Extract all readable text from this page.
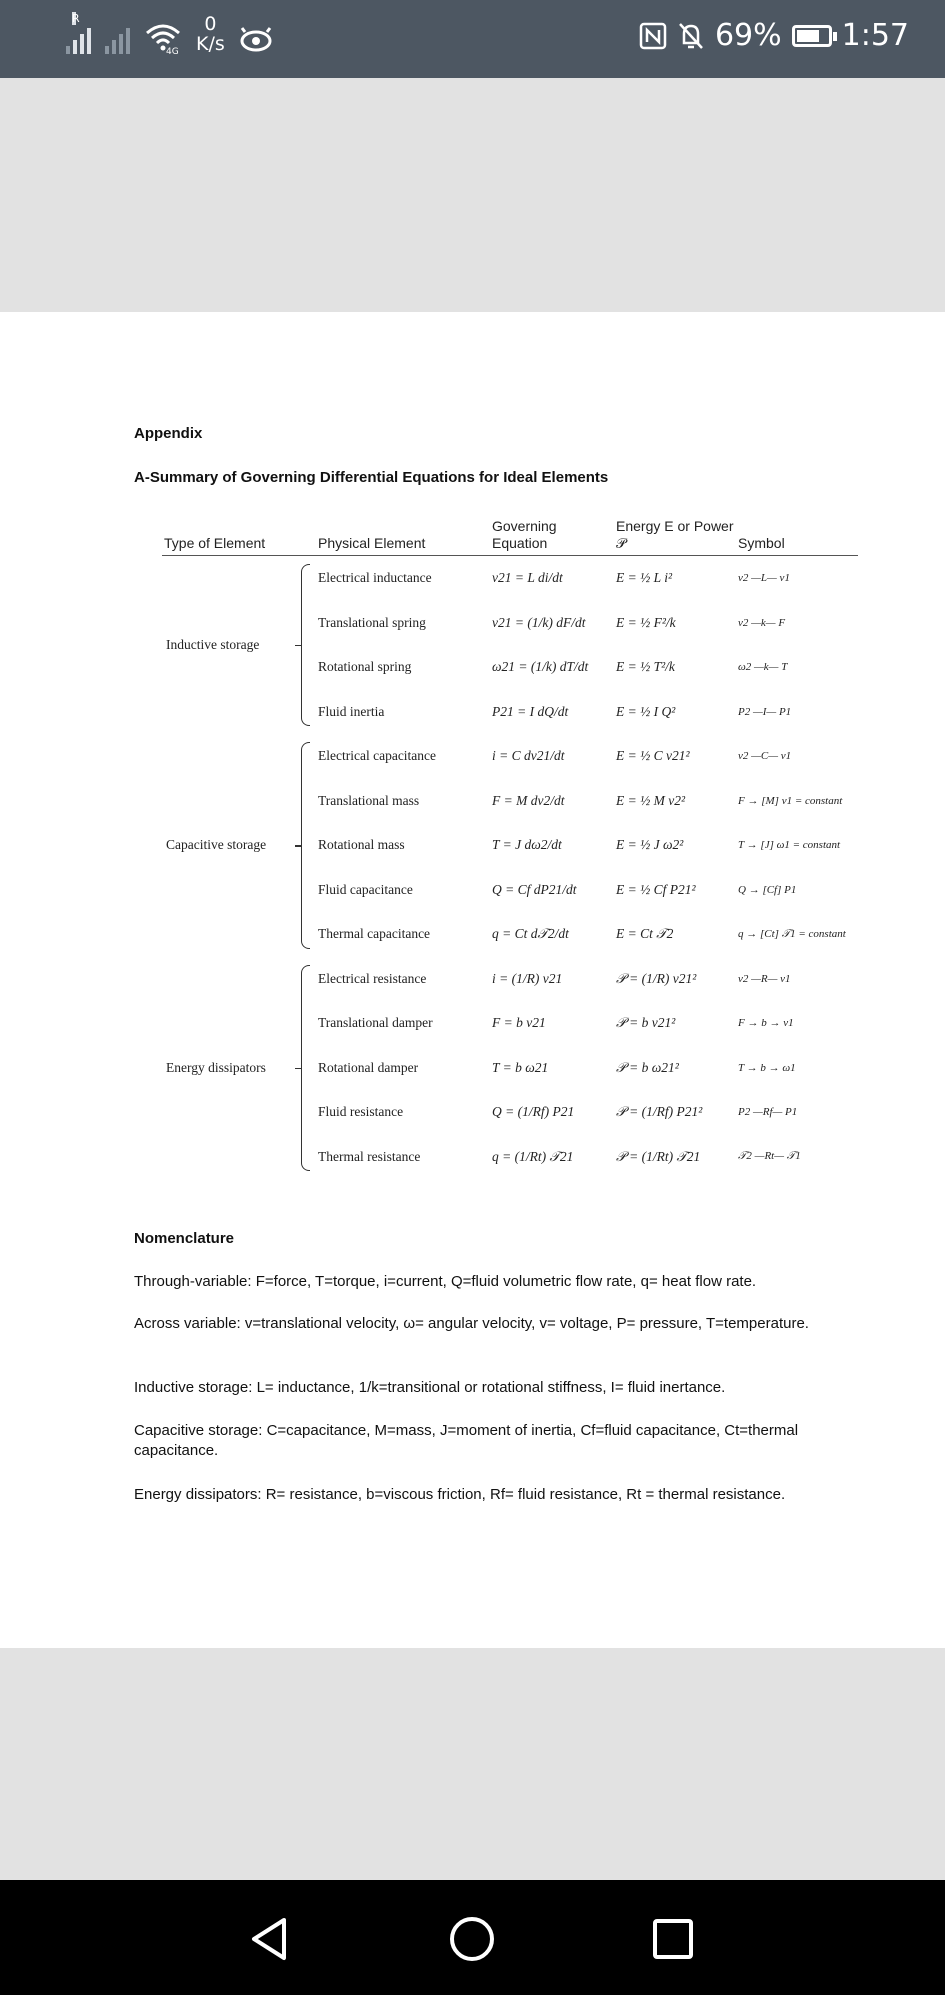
R
4G
0
K/s	69% 1:57
Appendix
A-Summary of Governing Differential Equations for Ideal Elements
Type of Element	Physical Element	Governing Equation	Energy E or Power 𝒫	Symbol
Inductive storage	Electrical inductance	v21 = L di/dt	E = ½ L i²	v2 —L— v1
	Translational spring	v21 = (1/k) dF/dt	E = ½ F²/k	v2 —k— F
	Rotational spring	ω21 = (1/k) dT/dt	E = ½ T²/k	ω2 —k— T
	Fluid inertia	P21 = I dQ/dt	E = ½ I Q²	P2 —I— P1
Capacitive storage	Electrical capacitance	i = C dv21/dt	E = ½ C v21²	v2 —C— v1
	Translational mass	F = M dv2/dt	E = ½ M v2²	F → [M] v1 = constant
	Rotational mass	T = J dω2/dt	E = ½ J ω2²	T → [J] ω1 = constant
	Fluid capacitance	Q = Cf dP21/dt	E = ½ Cf P21²	Q → [Cf] P1
	Thermal capacitance	q = Ct d𝒯2/dt	E = Ct 𝒯2	q → [Ct] 𝒯1 = constant
Energy dissipators	Electrical resistance	i = (1/R) v21	𝒫 = (1/R) v21²	v2 —R— v1
	Translational damper	F = b v21	𝒫 = b v21²	F → b → v1
	Rotational damper	T = b ω21	𝒫 = b ω21²	T → b → ω1
	Fluid resistance	Q = (1/Rf) P21	𝒫 = (1/Rf) P21²	P2 —Rf— P1
	Thermal resistance	q = (1/Rt) 𝒯21	𝒫 = (1/Rt) 𝒯21	𝒯2 —Rt— 𝒯1
Nomenclature
Through-variable: F=force, T=torque, i=current, Q=fluid volumetric flow rate, q= heat flow rate.
Across variable: v=translational velocity, ω= angular velocity, v= voltage, P= pressure, T=temperature.
Inductive storage: L= inductance, 1/k=transitional or rotational stiffness, I= fluid inertance.
Capacitive storage: C=capacitance, M=mass, J=moment of inertia, Cf=fluid capacitance, Ct=thermal capacitance.
Energy dissipators: R= resistance, b=viscous friction, Rf= fluid resistance, Rt = thermal resistance.
